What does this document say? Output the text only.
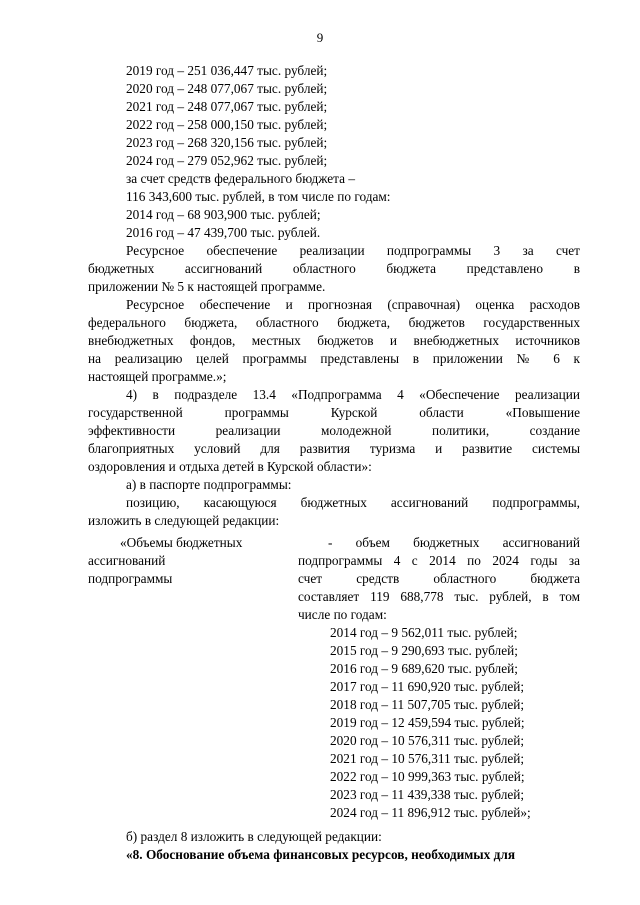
9
2019 год – 251 036,447 тыс. рублей;
2020 год – 248 077,067 тыс. рублей;
2021 год – 248 077,067 тыс. рублей;
2022 год – 258 000,150 тыс. рублей;
2023 год – 268 320,156 тыс. рублей;
2024 год – 279 052,962 тыс. рублей;
за счет средств федерального бюджета –
116 343,600 тыс. рублей, в том числе по годам:
2014 год – 68 903,900 тыс. рублей;
2016 год – 47 439,700 тыс. рублей.
Ресурсное обеспечение реализации подпрограммы 3 за счет
бюджетных ассигнований областного бюджета представлено в
приложении № 5 к настоящей программе.
Ресурсное обеспечение и прогнозная (справочная) оценка расходов
федерального бюджета, областного бюджета, бюджетов государственных
внебюджетных фондов, местных бюджетов и внебюджетных источников
на реализацию целей программы представлены в приложении № 6 к
настоящей программе.»;
4) в подразделе 13.4 «Подпрограмма 4 «Обеспечение реализации
государственной программы Курской области «Повышение
эффективности реализации молодежной политики, создание
благоприятных условий для развития туризма и развитие системы
оздоровления и отдыха детей в Курской области»:
а) в паспорте подпрограммы:
позицию, касающуюся бюджетных ассигнований подпрограммы,
изложить в следующей редакции:
«Объемы бюджетных
ассигнований
подпрограммы
- объем бюджетных ассигнований
подпрограммы 4 с 2014 по 2024 годы за
счет средств областного бюджета
составляет 119 688,778 тыс. рублей, в том
числе по годам:
2014 год – 9 562,011 тыс. рублей;
2015 год – 9 290,693 тыс. рублей;
2016 год – 9 689,620 тыс. рублей;
2017 год – 11 690,920 тыс. рублей;
2018 год – 11 507,705 тыс. рублей;
2019 год – 12 459,594 тыс. рублей;
2020 год – 10 576,311 тыс. рублей;
2021 год – 10 576,311 тыс. рублей;
2022 год – 10 999,363 тыс. рублей;
2023 год – 11 439,338 тыс. рублей;
2024 год – 11 896,912 тыс. рублей»;
б) раздел 8 изложить в следующей редакции:
«8. Обоснование объема финансовых ресурсов, необходимых для
